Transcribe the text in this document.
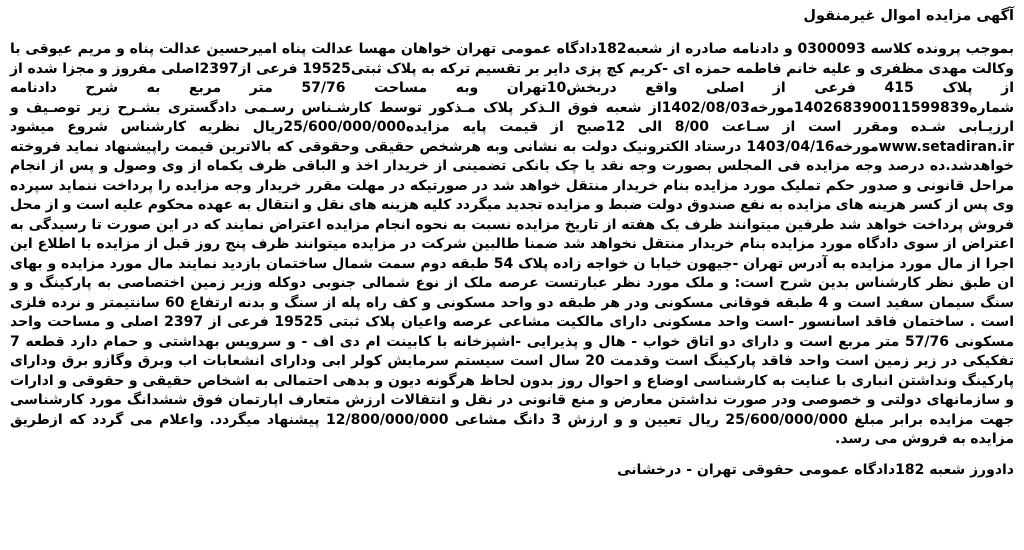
آگهی مزایده اموال غیرمنقول
بموجب پرونده کلاسه 0300093 و دادنامه صادره از شعبه182دادگاه عمومی تهران خواهان مهسا عدالت پناه امیرحسین عدالت پناه و مریم عیوقی با وکالت مهدی مظفری و علیه خانم فاطمه حمزه ای -کریم کچ پزی دایر بر تقسیم ترکه به پلاک ثبتی19525 فرعی از2397اصلی مفروز و مجزا شده از از پلاک 415 فرعی از اصلی واقع دربخش10تهران وبه مساحت 57/76 متر مربع به شرح دادنامه شماره140268390011599839مورخه1402/08/03از شعبه فوق الـذکر پلاک مـذکور توسط کارشـناس رسـمی دادگستری بشـرح زیر توصـیف و ارزیـابی شـده ومقرر است از سـاعت 8/00 الی 12صبح از قیمت پایه مزایده25/600/000/000ریال نظریه کارشناس شروع میشود www.setadiran.irمورخه1403/04/16 درستاد الکترونیک دولت به نشانی وبه هرشخص حقیقی وحقوقی که بالاترین قیمت راپیشنهاد نماید فروخته خواهدشد.ده درصد وجه مزایده فی المجلس بصورت وجه نقد یا چک بانکی تضمینی از خریدار اخذ و الباقی ظرف یکماه از وی وصول و پس از انجام مراحل قانونی و صدور حکم تملیک مورد مزایده بنام خریدار منتقل خواهد شد در صورتیکه در مهلت مقرر خریدار وجه مزایده را پرداخت ننماید سپرده وی پس از کسر هزینه های مزایده به نفع صندوق دولت ضبط و مزایده تجدید میگردد کلیه هزینه های نقل و انتقال به عهده محکوم علیه است و از محل فروش پرداخت خواهد شد طرفین میتوانند ظرف یک هفته از تاریخ مزایده نسبت به نحوه انجام مزایده اعتراض نمایند که در این صورت تا رسیدگی به اعتراض از سوی دادگاه مورد مزایده بنام خریدار منتقل نخواهد شد ضمنا طالبین شرکت در مزایده میتوانند ظرف پنج روز قبل از مزایده با اطلاع این اجرا از مال مورد مزایده به آدرس تهران -جیهون خیابا ن خواجه زاده پلاک 54 طبقه دوم سمت شمال ساختمان بازدید نمایند مال مورد مزایده و بهای ان طبق نظر کارشناس بدین شرح است: و ملک مورد نظر عبارتست عرصه ملک از نوع شمالی جنوبی دوکله وزیر زمین اختصاصی به پارکینگ و و سنگ سیمان سفید است و 4 طبقه فوقانی مسکونی ودر هر طبقه دو واحد مسکونی و کف راه پله از سنگ و بدنه ارتفاع 60 سانتیمتر و نرده فلزی است . ساختمان فاقد اسانسور -است واحد مسکونی دارای مالکیت مشاعی عرصه واعیان پلاک ثبتی 19525 فرعی از 2397 اصلی و مساحت واحد مسکونی 57/76 متر مربع است و دارای دو اتاق خواب - هال و پذیرایی -اشپزخانه با کابینت ام دی اف - و سرویس بهداشتی و حمام دارد قطعه 7 تفکیکی در زیر زمین است واحد فاقد پارکینگ است وقدمت 20 سال است سیستم سرمایش کولر ابی ودارای انشعابات اب وبرق وگازو برق ودارای پارکینگ ونداشتن انباری با عنایت به کارشناسی اوضاع و احوال روز بدون لحاظ هرگونه دیون و بدهی احتمالی به اشخاص حقیقی و حقوقی و ادارات و سازمانهای دولتی و خصوصی ودر صورت نداشتن معارض و منع قانونی در نقل و انتقالات ارزش متعارف اپارتمان فوق ششدانگ مورد کارشناسی جهت مزایده برابر مبلغ 25/600/000/000 ریال تعیین و و ارزش 3 دانگ مشاعی 12/800/000/000 پیشنهاد میگردد. واعلام می گردد که ازطریق مزایده به فروش می رسد.
دادورز شعبه 182دادگاه عمومی حقوقی تهران - درخشانی
